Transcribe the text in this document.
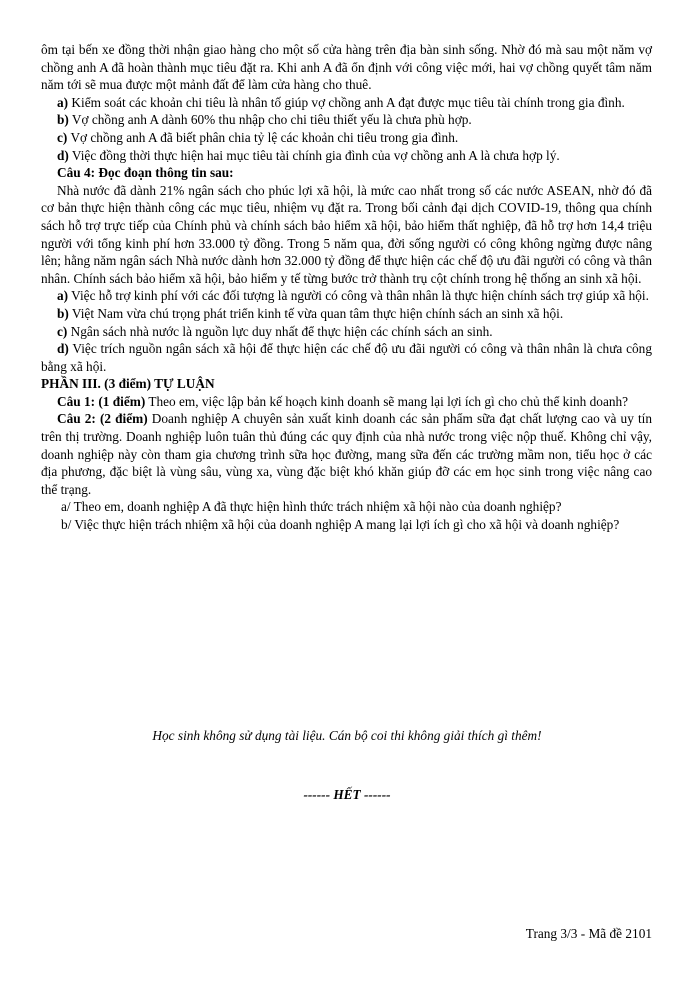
ôm tại bến xe đồng thời nhận giao hàng cho một số cửa hàng trên địa bàn sinh sống. Nhờ đó mà sau một năm vợ chồng anh A đã hoàn thành mục tiêu đặt ra. Khi anh A đã ổn định với công việc mới, hai vợ chồng quyết tâm năm năm tới sẽ mua được một mảnh đất để làm cửa hàng cho thuê.

a) Kiểm soát các khoản chi tiêu là nhân tố giúp vợ chồng anh A đạt được mục tiêu tài chính trong gia đình.

b) Vợ chồng anh A dành 60% thu nhập cho chi tiêu thiết yếu là chưa phù hợp.

c) Vợ chồng anh A đã biết phân chia tỷ lệ các khoản chi tiêu trong gia đình.

d) Việc đồng thời thực hiện hai mục tiêu tài chính gia đình của vợ chồng anh A là chưa hợp lý.

Câu 4: Đọc đoạn thông tin sau:

Nhà nước đã dành 21% ngân sách cho phúc lợi xã hội, là mức cao nhất trong số các nước ASEAN, nhờ đó đã cơ bản thực hiện thành công các mục tiêu, nhiệm vụ đặt ra. Trong bối cảnh đại dịch COVID-19, thông qua chính sách hỗ trợ trực tiếp của Chính phủ và chính sách bảo hiểm xã hội, bảo hiểm thất nghiệp, đã hỗ trợ hơn 14,4 triệu người với tổng kinh phí hơn 33.000 tỷ đồng. Trong 5 năm qua, đời sống người có công không ngừng được nâng lên; hằng năm ngân sách Nhà nước dành hơn 32.000 tỷ đồng để thực hiện các chế độ ưu đãi người có công và thân nhân. Chính sách bảo hiểm xã hội, bảo hiểm y tế từng bước trở thành trụ cột chính trong hệ thống an sinh xã hội.

a) Việc hỗ trợ kinh phí với các đối tượng là người có công và thân nhân là thực hiện chính sách trợ giúp xã hội.

b) Việt Nam vừa chú trọng phát triển kinh tế vừa quan tâm thực hiện chính sách an sinh xã hội.

c) Ngân sách nhà nước là nguồn lực duy nhất để thực hiện các chính sách an sinh.

d) Việc trích nguồn ngân sách xã hội để thực hiện các chế độ ưu đãi người có công và thân nhân là chưa công bằng xã hội.

PHẦN III. (3 điểm) TỰ LUẬN

Câu 1: (1 điểm) Theo em, việc lập bản kế hoạch kinh doanh sẽ mang lại lợi ích gì cho chủ thể kinh doanh?

Câu 2: (2 điểm) Doanh nghiệp A chuyên sản xuất kinh doanh các sản phẩm sữa đạt chất lượng cao và uy tín trên thị trường. Doanh nghiệp luôn tuân thủ đúng các quy định của nhà nước trong việc nộp thuế. Không chỉ vậy, doanh nghiệp này còn tham gia chương trình sữa học đường, mang sữa đến các trường mầm non, tiểu học ở các địa phương, đặc biệt là vùng sâu, vùng xa, vùng đặc biệt khó khăn giúp đỡ các em học sinh trong việc nâng cao thể trạng.

a/ Theo em, doanh nghiệp A đã thực hiện hình thức trách nhiệm xã hội nào của doanh nghiệp?

b/ Việc thực hiện trách nhiệm xã hội của doanh nghiệp A mang lại lợi ích gì cho xã hội và doanh nghiệp?

Học sinh không sử dụng tài liệu. Cán bộ coi thi không giải thích gì thêm!
------ HẾT ------
Trang 3/3 - Mã đề 2101
